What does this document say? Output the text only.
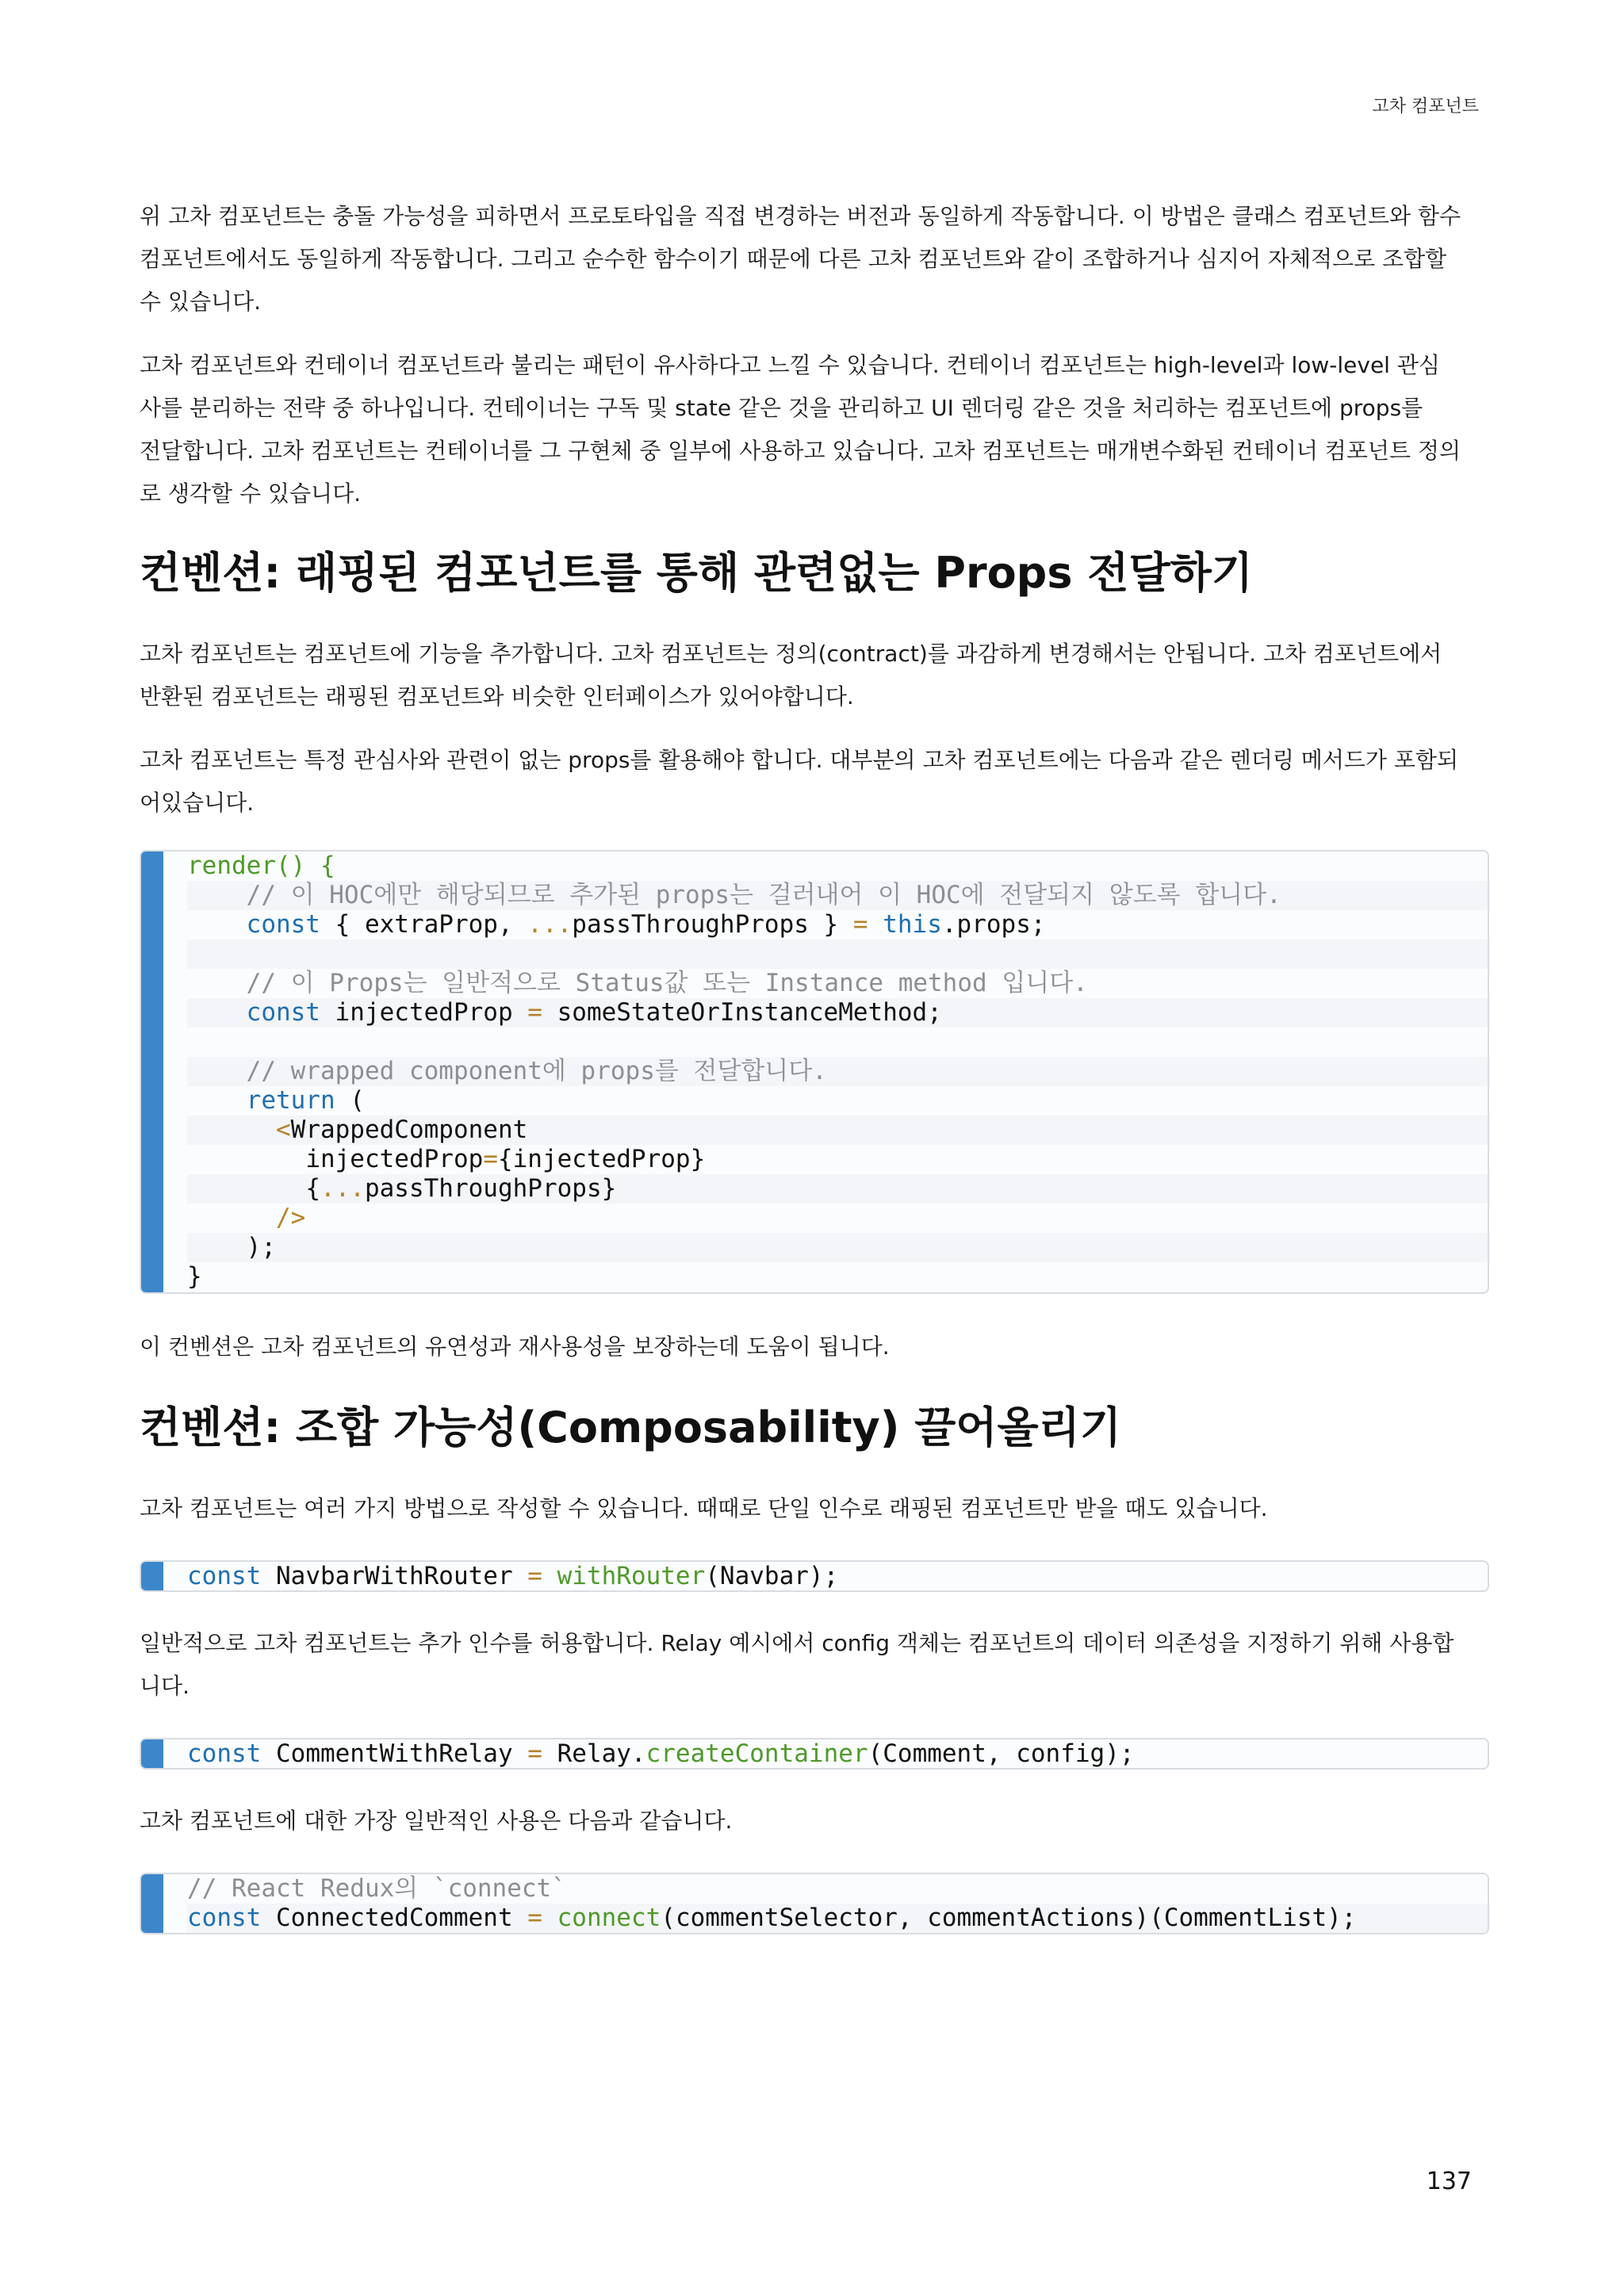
고차 컴포넌트

위 고차 컴포넌트는 충돌 가능성을 피하면서 프로토타입을 직접 변경하는 버전과 동일하게 작동합니다. 이 방법은 클래스 컴포넌트와 함수
컴포넌트에서도 동일하게 작동합니다. 그리고 순수한 함수이기 때문에 다른 고차 컴포넌트와 같이 조합하거나 심지어 자체적으로 조합할
수 있습니다.

고차 컴포넌트와 컨테이너 컴포넌트라 불리는 패턴이 유사하다고 느낄 수 있습니다. 컨테이너 컴포넌트는 high-level과 low-level 관심
사를 분리하는 전략 중 하나입니다. 컨테이너는 구독 및 state 같은 것을 관리하고 UI 렌더링 같은 것을 처리하는 컴포넌트에 props를
전달합니다. 고차 컴포넌트는 컨테이너를 그 구현체 중 일부에 사용하고 있습니다. 고차 컴포넌트는 매개변수화된 컨테이너 컴포넌트 정의
로 생각할 수 있습니다.

컨벤션: 래핑된 컴포넌트를 통해 관련없는 Props 전달하기

고차 컴포넌트는 컴포넌트에 기능을 추가합니다. 고차 컴포넌트는 정의(contract)를 과감하게 변경해서는 안됩니다. 고차 컴포넌트에서
반환된 컴포넌트는 래핑된 컴포넌트와 비슷한 인터페이스가 있어야합니다.

고차 컴포넌트는 특정 관심사와 관련이 없는 props를 활용해야 합니다. 대부분의 고차 컴포넌트에는 다음과 같은 렌더링 메서드가 포함되
어있습니다.

render() {
// 이 HOC에만 해당되므로 추가된 props는 걸러내어 이 HOC에 전달되지 않도록 합니다.
const { extraProp, ...passThroughProps } = this.props;

// 이 Props는 일반적으로 Status값 또는 Instance method 입니다.
const injectedProp = someStateOrInstanceMethod;

// wrapped component에 props를 전달합니다.
return (
<WrappedComponent
injectedProp={injectedProp}
{...passThroughProps}
/>
);
}

이 컨벤션은 고차 컴포넌트의 유연성과 재사용성을 보장하는데 도움이 됩니다.

컨벤션: 조합 가능성(Composability) 끌어올리기

고차 컴포넌트는 여러 가지 방법으로 작성할 수 있습니다. 때때로 단일 인수로 래핑된 컴포넌트만 받을 때도 있습니다.

const NavbarWithRouter = withRouter(Navbar);

일반적으로 고차 컴포넌트는 추가 인수를 허용합니다. Relay 예시에서 config 객체는 컴포넌트의 데이터 의존성을 지정하기 위해 사용합
니다.

const CommentWithRelay = Relay.createContainer(Comment, config);

고차 컴포넌트에 대한 가장 일반적인 사용은 다음과 같습니다.

// React Redux의 `connect`
const ConnectedComment = connect(commentSelector, commentActions)(CommentList);
137
